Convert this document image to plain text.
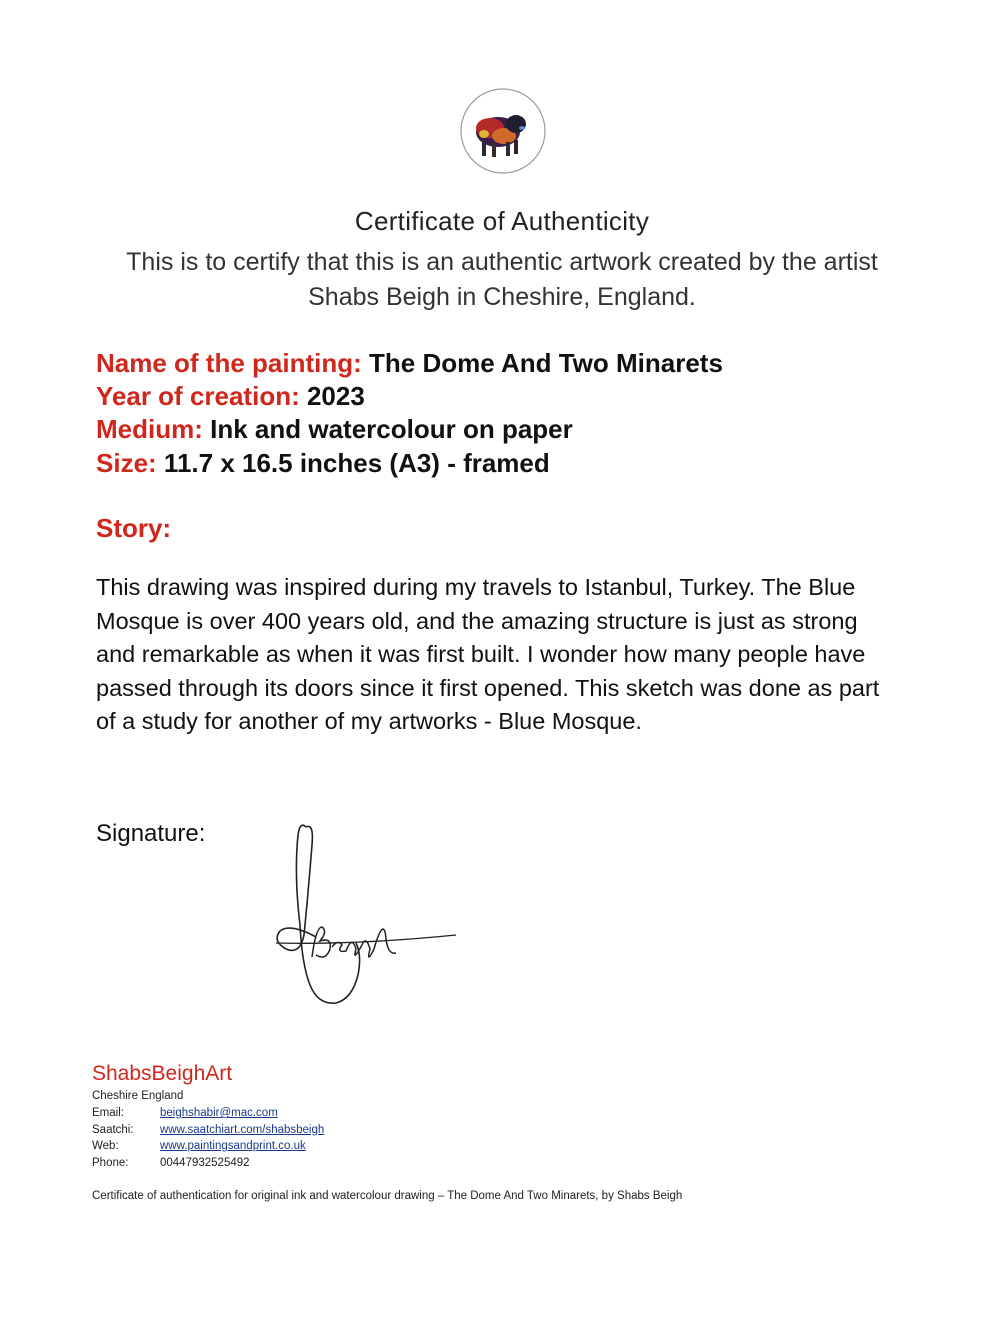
Certificate of Authenticity
This is to certify that this is an authentic artwork created by the artist
Shabs Beigh in Cheshire, England.
Name of the painting: The Dome And Two Minarets
Year of creation: 2023
Medium: Ink and watercolour on paper
Size: 11.7 x 16.5 inches (A3) - framed
Story:
This drawing was inspired during my travels to Istanbul, Turkey. The Blue
Mosque is over 400 years old, and the amazing structure is just as strong
and remarkable as when it was first built. I wonder how many people have
passed through its doors since it first opened. This sketch was done as part
of a study for another of my artworks - Blue Mosque.
Signature:
ShabsBeighArt
Cheshire England
Email:	beighshabir@mac.com
Saatchi: www.saatchiart.com/shabsbeigh
Web:	www.paintingsandprint.co.uk
Phone:	00447932525492
Certificate of authentication for original ink and watercolour drawing – The Dome And Two Minarets, by Shabs Beigh
